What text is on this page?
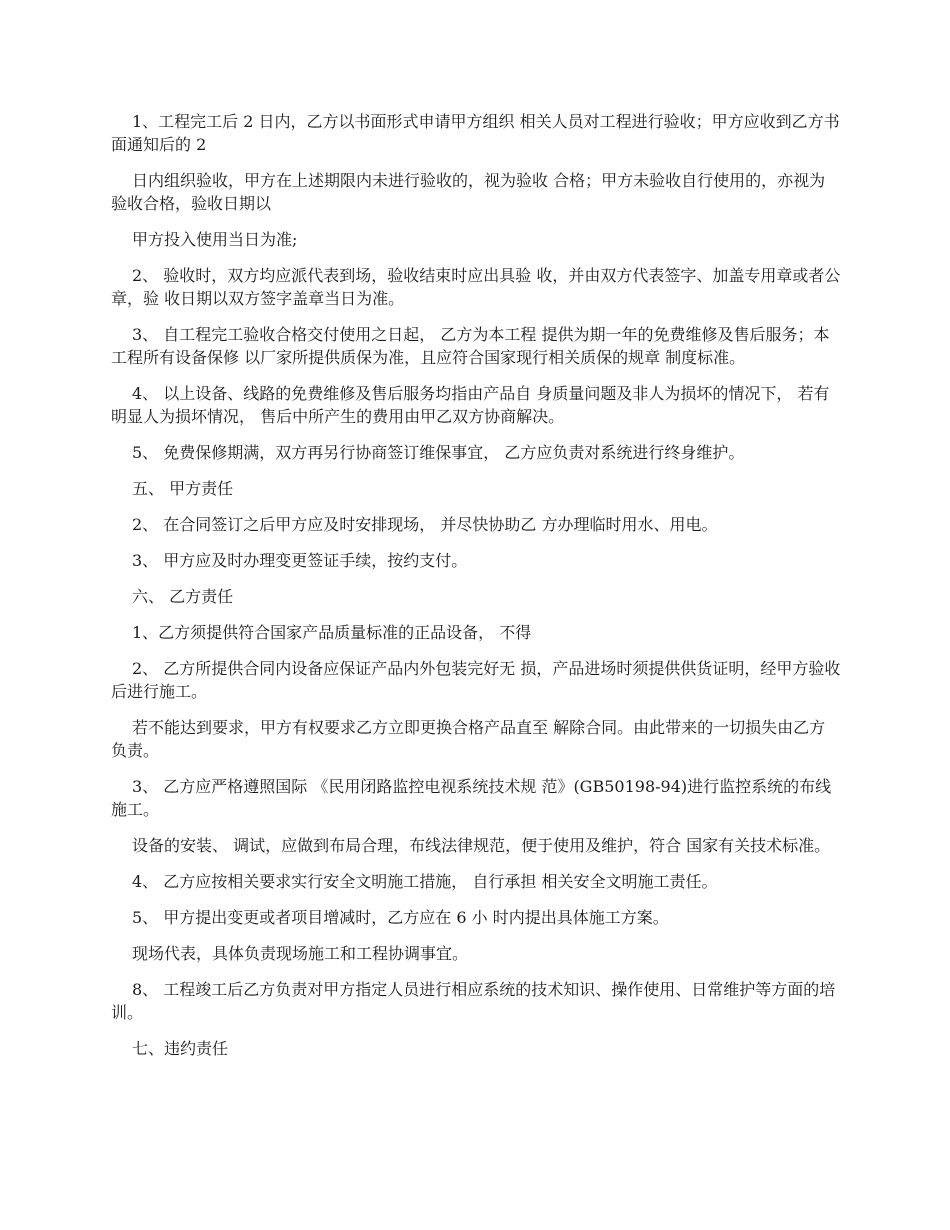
1、工程完工后 2 日内，乙方以书面形式申请甲方组织 相关人员对工程进行验收；甲方应收到乙方书面通知后的 2

日内组织验收，甲方在上述期限内未进行验收的，视为验收 合格；甲方未验收自行使用的，亦视为验收合格，验收日期以

甲方投入使用当日为准;

2、 验收时，双方均应派代表到场，验收结束时应出具验 收，并由双方代表签字、加盖专用章或者公章，验 收日期以双方签字盖章当日为准。

3、 自工程完工验收合格交付使用之日起， 乙方为本工程 提供为期一年的免费维修及售后服务；本工程所有设备保修 以厂家所提供质保为准，且应符合国家现行相关质保的规章 制度标准。

4、 以上设备、线路的免费维修及售后服务均指由产品自 身质量问题及非人为损坏的情况下， 若有明显人为损坏情况， 售后中所产生的费用由甲乙双方协商解决。

5、 免费保修期满，双方再另行协商签订维保事宜， 乙方应负责对系统进行终身维护。

五、 甲方责任

2、 在合同签订之后甲方应及时安排现场， 并尽快协助乙 方办理临时用水、用电。

3、 甲方应及时办理变更签证手续，按约支付。

六、 乙方责任

1、乙方须提供符合国家产品质量标准的正品设备， 不得

2、 乙方所提供合同内设备应保证产品内外包装完好无 损，产品进场时须提供供货证明，经甲方验收后进行施工。

若不能达到要求，甲方有权要求乙方立即更换合格产品直至 解除合同。由此带来的一切损失由乙方负责。

3、 乙方应严格遵照国际 《民用闭路监控电视系统技术规 范》(GB50198-94)进行监控系统的布线施工。

设备的安装、 调试，应做到布局合理，布线法律规范，便于使用及维护，符合 国家有关技术标准。

4、 乙方应按相关要求实行安全文明施工措施， 自行承担 相关安全文明施工责任。

5、 甲方提出变更或者项目增减时，乙方应在 6 小 时内提出具体施工方案。

现场代表，具体负责现场施工和工程协调事宜。

8、 工程竣工后乙方负责对甲方指定人员进行相应系统的技术知识、操作使用、日常维护等方面的培训。

七、违约责任
